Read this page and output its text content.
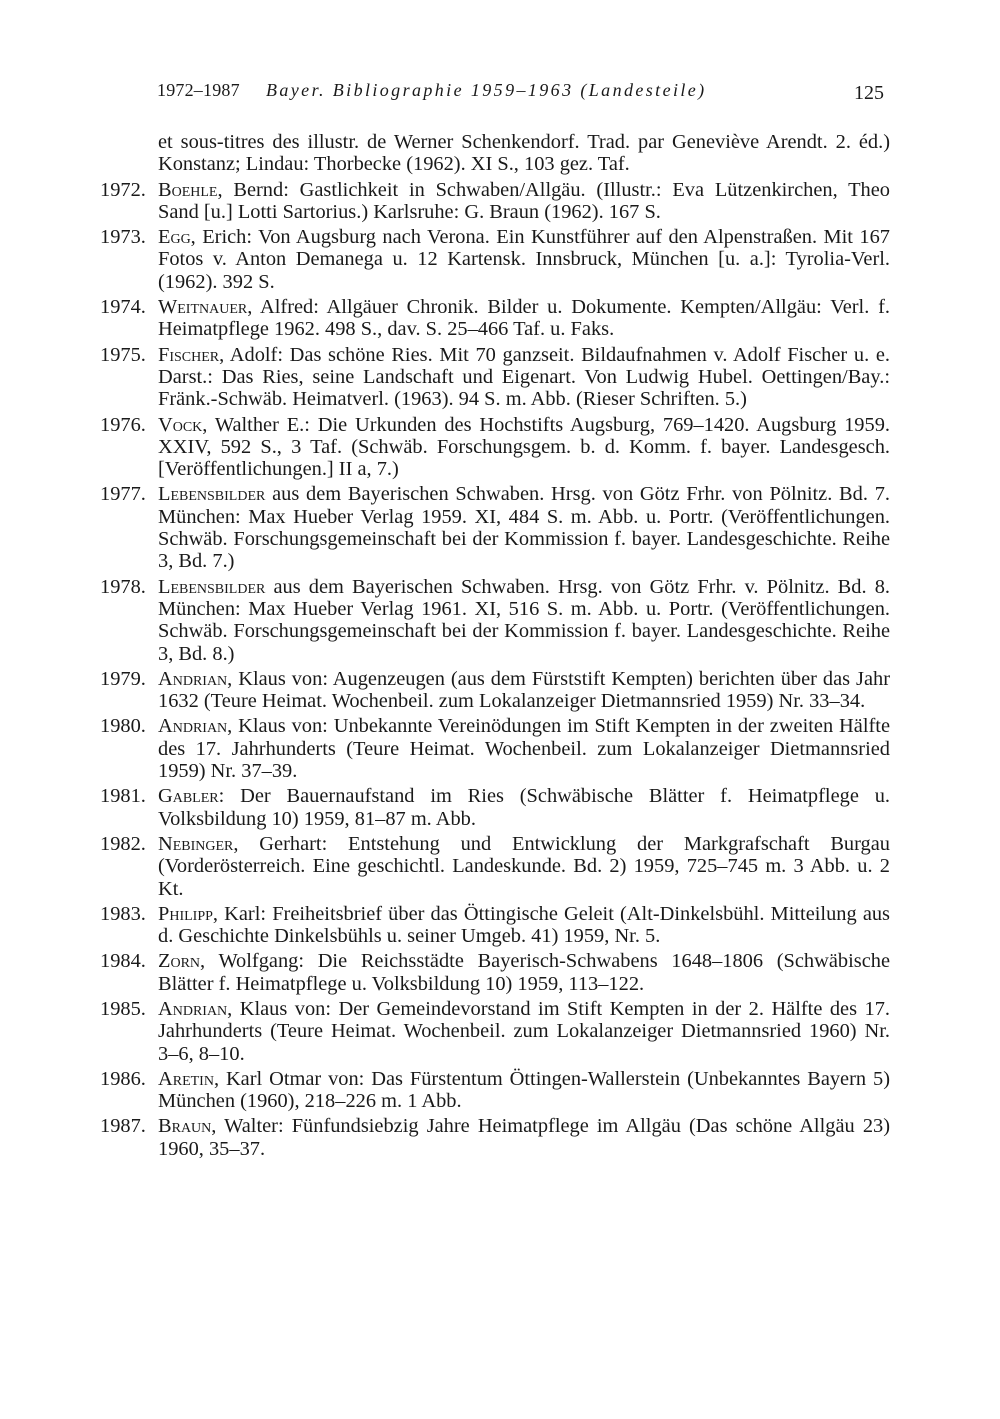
1972–1987 Bayer. Bibliographie 1959–1963 (Landesteile)	125
et sous-titres des illustr. de Werner Schenkendorf. Trad. par Geneviève Arendt. 2. éd.) Konstanz; Lindau: Thorbecke (1962). XI S., 103 gez. Taf.
1972. Boehle, Bernd: Gastlichkeit in Schwaben/Allgäu. (Illustr.: Eva Lützenkirchen, Theo Sand [u.] Lotti Sartorius.) Karlsruhe: G. Braun (1962). 167 S.
1973. Egg, Erich: Von Augsburg nach Verona. Ein Kunstführer auf den Alpenstraßen. Mit 167 Fotos v. Anton Demanega u. 12 Kartensk. Innsbruck, München [u. a.]: Tyrolia-Verl. (1962). 392 S.
1974. Weitnauer, Alfred: Allgäuer Chronik. Bilder u. Dokumente. Kempten/Allgäu: Verl. f. Heimatpflege 1962. 498 S., dav. S. 25–466 Taf. u. Faks.
1975. Fischer, Adolf: Das schöne Ries. Mit 70 ganzseit. Bildaufnahmen v. Adolf Fischer u. e. Darst.: Das Ries, seine Landschaft und Eigenart. Von Ludwig Hubel. Oettingen/Bay.: Fränk.-Schwäb. Heimatverl. (1963). 94 S. m. Abb. (Rieser Schriften. 5.)
1976. Vock, Walther E.: Die Urkunden des Hochstifts Augsburg, 769–1420. Augsburg 1959. XXIV, 592 S., 3 Taf. (Schwäb. Forschungsgem. b. d. Komm. f. bayer. Landesgesch. [Veröffentlichungen.] II a, 7.)
1977. Lebensbilder aus dem Bayerischen Schwaben. Hrsg. von Götz Frhr. von Pölnitz. Bd. 7. München: Max Hueber Verlag 1959. XI, 484 S. m. Abb. u. Portr. (Veröffentlichungen. Schwäb. Forschungsgemeinschaft bei der Kommission f. bayer. Landesgeschichte. Reihe 3, Bd. 7.)
1978. Lebensbilder aus dem Bayerischen Schwaben. Hrsg. von Götz Frhr. v. Pölnitz. Bd. 8. München: Max Hueber Verlag 1961. XI, 516 S. m. Abb. u. Portr. (Veröffentlichungen. Schwäb. Forschungsgemeinschaft bei der Kommission f. bayer. Landesgeschichte. Reihe 3, Bd. 8.)
1979. Andrian, Klaus von: Augenzeugen (aus dem Fürststift Kempten) berichten über das Jahr 1632 (Teure Heimat. Wochenbeil. zum Lokalanzeiger Dietmannsried 1959) Nr. 33–34.
1980. Andrian, Klaus von: Unbekannte Vereinödungen im Stift Kempten in der zweiten Hälfte des 17. Jahrhunderts (Teure Heimat. Wochenbeil. zum Lokalanzeiger Dietmannsried 1959) Nr. 37–39.
1981. Gabler: Der Bauernaufstand im Ries (Schwäbische Blätter f. Heimatpflege u. Volksbildung 10) 1959, 81–87 m. Abb.
1982. Nebinger, Gerhart: Entstehung und Entwicklung der Markgrafschaft Burgau (Vorderösterreich. Eine geschichtl. Landeskunde. Bd. 2) 1959, 725–745 m. 3 Abb. u. 2 Kt.
1983. Philipp, Karl: Freiheitsbrief über das Öttingische Geleit (Alt-Dinkelsbühl. Mitteilung aus d. Geschichte Dinkelsbühls u. seiner Umgeb. 41) 1959, Nr. 5.
1984. Zorn, Wolfgang: Die Reichsstädte Bayerisch-Schwabens 1648–1806 (Schwäbische Blätter f. Heimatpflege u. Volksbildung 10) 1959, 113–122.
1985. Andrian, Klaus von: Der Gemeindevorstand im Stift Kempten in der 2. Hälfte des 17. Jahrhunderts (Teure Heimat. Wochenbeil. zum Lokalanzeiger Dietmannsried 1960) Nr. 3–6, 8–10.
1986. Aretin, Karl Otmar von: Das Fürstentum Öttingen-Wallerstein (Unbekanntes Bayern 5) München (1960), 218–226 m. 1 Abb.
1987. Braun, Walter: Fünfundsiebzig Jahre Heimatpflege im Allgäu (Das schöne Allgäu 23) 1960, 35–37.
